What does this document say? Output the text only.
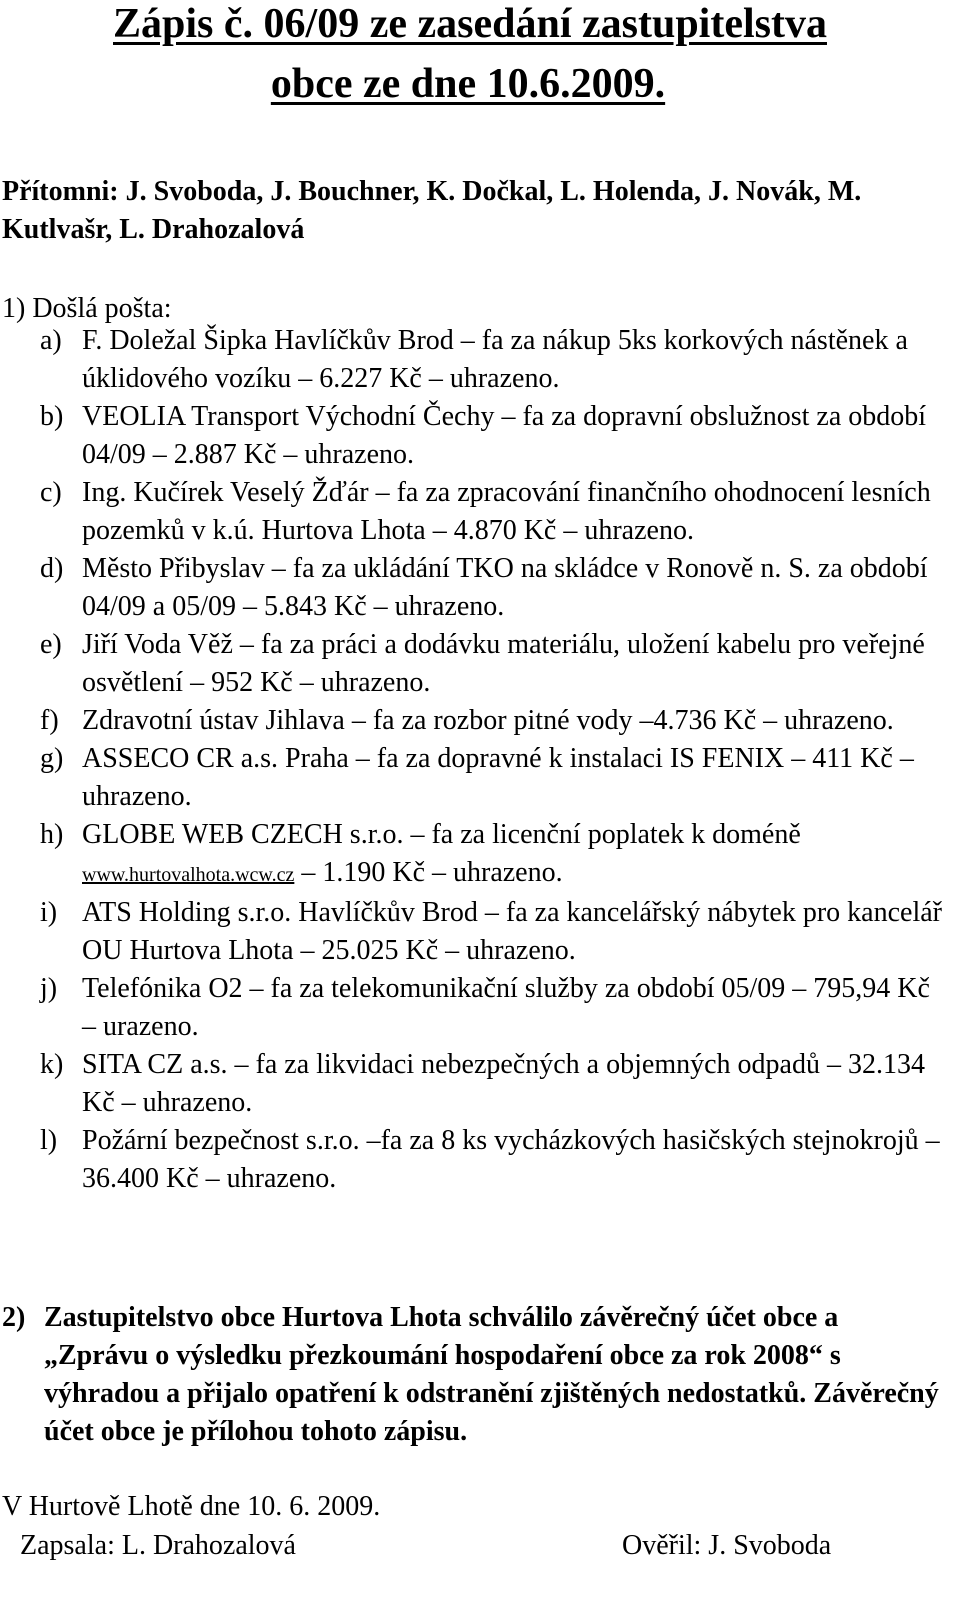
Zápis č. 06/09 ze zasedání zastupitelstva
obce ze dne 10.6.2009.
Přítomni: J. Svoboda, J. Bouchner, K. Dočkal, L. Holenda, J. Novák, M. Kutlvašr, L. Drahozalová
1) Došlá pošta:
a) F. Doležal Šipka Havlíčkův Brod – fa za nákup 5ks korkových nástěnek a úklidového vozíku – 6.227 Kč – uhrazeno.
b) VEOLIA Transport Východní Čechy – fa za dopravní obslužnost za období 04/09 – 2.887 Kč – uhrazeno.
c) Ing. Kučírek Veselý Žďár – fa za zpracování finančního ohodnocení lesních pozemků v k.ú. Hurtova Lhota – 4.870 Kč – uhrazeno.
d) Město Přibyslav – fa za ukládání TKO na skládce v Ronově n. S. za období 04/09 a 05/09 – 5.843 Kč – uhrazeno.
e) Jiří Voda Věž – fa za práci a dodávku materiálu, uložení kabelu pro veřejné osvětlení – 952 Kč – uhrazeno.
f) Zdravotní ústav Jihlava – fa za rozbor pitné vody –4.736 Kč – uhrazeno.
g) ASSECO CR a.s. Praha – fa za dopravné k instalaci IS FENIX – 411 Kč – uhrazeno.
h) GLOBE WEB CZECH s.r.o. – fa za licenční poplatek k doméně www.hurtovalhota.wcw.cz – 1.190 Kč – uhrazeno.
i) ATS Holding s.r.o. Havlíčkův Brod – fa za kancelářský nábytek pro kancelář OU Hurtova Lhota – 25.025 Kč – uhrazeno.
j) Telefónika O2 – fa za telekomunikační služby za období 05/09 – 795,94 Kč – urazeno.
k) SITA CZ a.s. – fa za likvidaci nebezpečných a objemných odpadů – 32.134 Kč – uhrazeno.
l) Požární bezpečnost s.r.o. –fa za 8 ks vycházkových hasičských stejnokrojů – 36.400 Kč – uhrazeno.
2) Zastupitelstvo obce Hurtova Lhota schválilo závěrečný účet obce a „Zprávu o výsledku přezkoumání hospodaření obce za rok 2008“ s výhradou a přijalo opatření k odstranění zjištěných nedostatků. Závěrečný účet obce je přílohou tohoto zápisu.
V Hurtově Lhotě dne 10. 6. 2009.
Zapsala: L. Drahozalová	Ověřil: J. Svoboda
